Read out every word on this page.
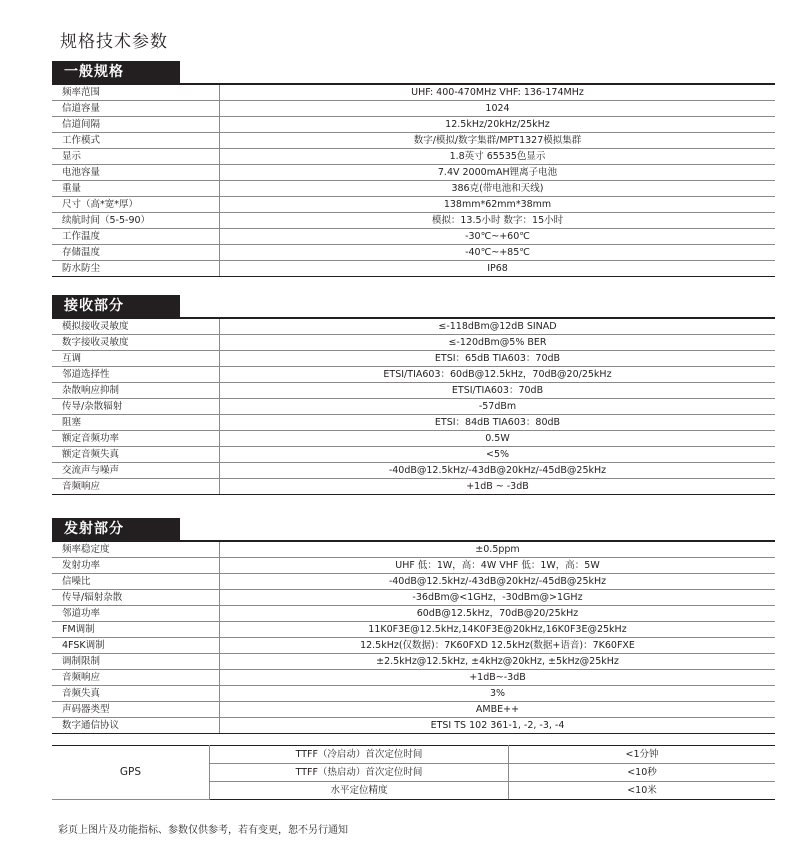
规格技术参数
一般规格
频率范围	UHF: 400-470MHz VHF: 136-174MHz
信道容量	1024
信道间隔	12.5kHz/20kHz/25kHz
工作模式	数字/模拟/数字集群/MPT1327模拟集群
显示	1.8英寸 65535色显示
电池容量	7.4V 2000mAH锂离子电池
重量	386克(带电池和天线)
尺寸（高*宽*厚）	138mm*62mm*38mm
续航时间（5-5-90）	模拟：13.5小时 数字：15小时
工作温度	-30℃~+60℃
存储温度	-40℃~+85℃
防水防尘	IP68
接收部分
模拟接收灵敏度	≤-118dBm@12dB SINAD
数字接收灵敏度	≤-120dBm@5% BER
互调	ETSI：65dB TIA603：70dB
邻道选择性	ETSI/TIA603：60dB@12.5kHz，70dB@20/25kHz
杂散响应抑制	ETSI/TIA603：70dB
传导/杂散辐射	-57dBm
阻塞	ETSI：84dB TIA603：80dB
额定音频功率	0.5W
额定音频失真	<5%
交流声与噪声	-40dB@12.5kHz/-43dB@20kHz/-45dB@25kHz
音频响应	+1dB ~ -3dB
发射部分
频率稳定度	±0.5ppm
发射功率	UHF 低：1W，高：4W VHF 低：1W，高：5W
信噪比	-40dB@12.5kHz/-43dB@20kHz/-45dB@25kHz
传导/辐射杂散	-36dBm@<1GHz，-30dBm@>1GHz
邻道功率	60dB@12.5kHz，70dB@20/25kHz
FM调制	11K0F3E@12.5kHz,14K0F3E@20kHz,16K0F3E@25kHz
4FSK调制	12.5kHz(仅数据)：7K60FXD 12.5kHz(数据+语音)：7K60FXE
调制限制	±2.5kHz@12.5kHz, ±4kHz@20kHz, ±5kHz@25kHz
音频响应	+1dB~-3dB
音频失真	3%
声码器类型	AMBE++
数字通信协议	ETSI TS 102 361-1, -2, -3, -4
GPS	TTFF（冷启动）首次定位时间	<1分钟
	TTFF（热启动）首次定位时间	<10秒
	水平定位精度	<10米
彩页上图片及功能指标、参数仅供参考，若有变更，恕不另行通知
